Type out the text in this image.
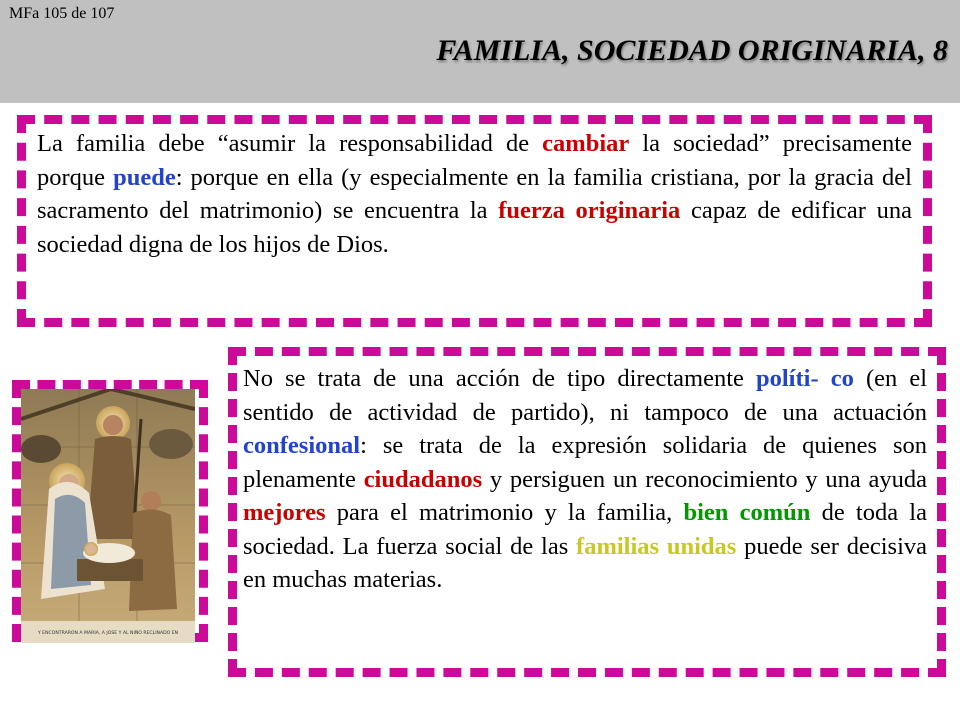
MFa 105 de 107
FAMILIA, SOCIEDAD ORIGINARIA, 8
La familia debe “asumir la responsabilidad de cambiar la sociedad” precisamente porque puede: porque en ella (y especialmente en la familia cristiana, por la gracia del sacramento del matrimonio) se encuentra la fuerza originaria capaz de edificar una sociedad digna de los hijos de Dios.
No se trata de una acción de tipo directamente políti- co (en el sentido de actividad de partido), ni tampoco de una actuación confesional: se trata de la expresión solidaria de quienes son plenamente ciudadanos y persiguen un reconocimiento y una ayuda mejores para el matrimonio y la familia, bien común de toda la sociedad. La fuerza social de las familias unidas puede ser decisiva en muchas materias.
Y ENCONTRARON A MARIA, A JOSE Y AL NIÑO RECLINADO EN
